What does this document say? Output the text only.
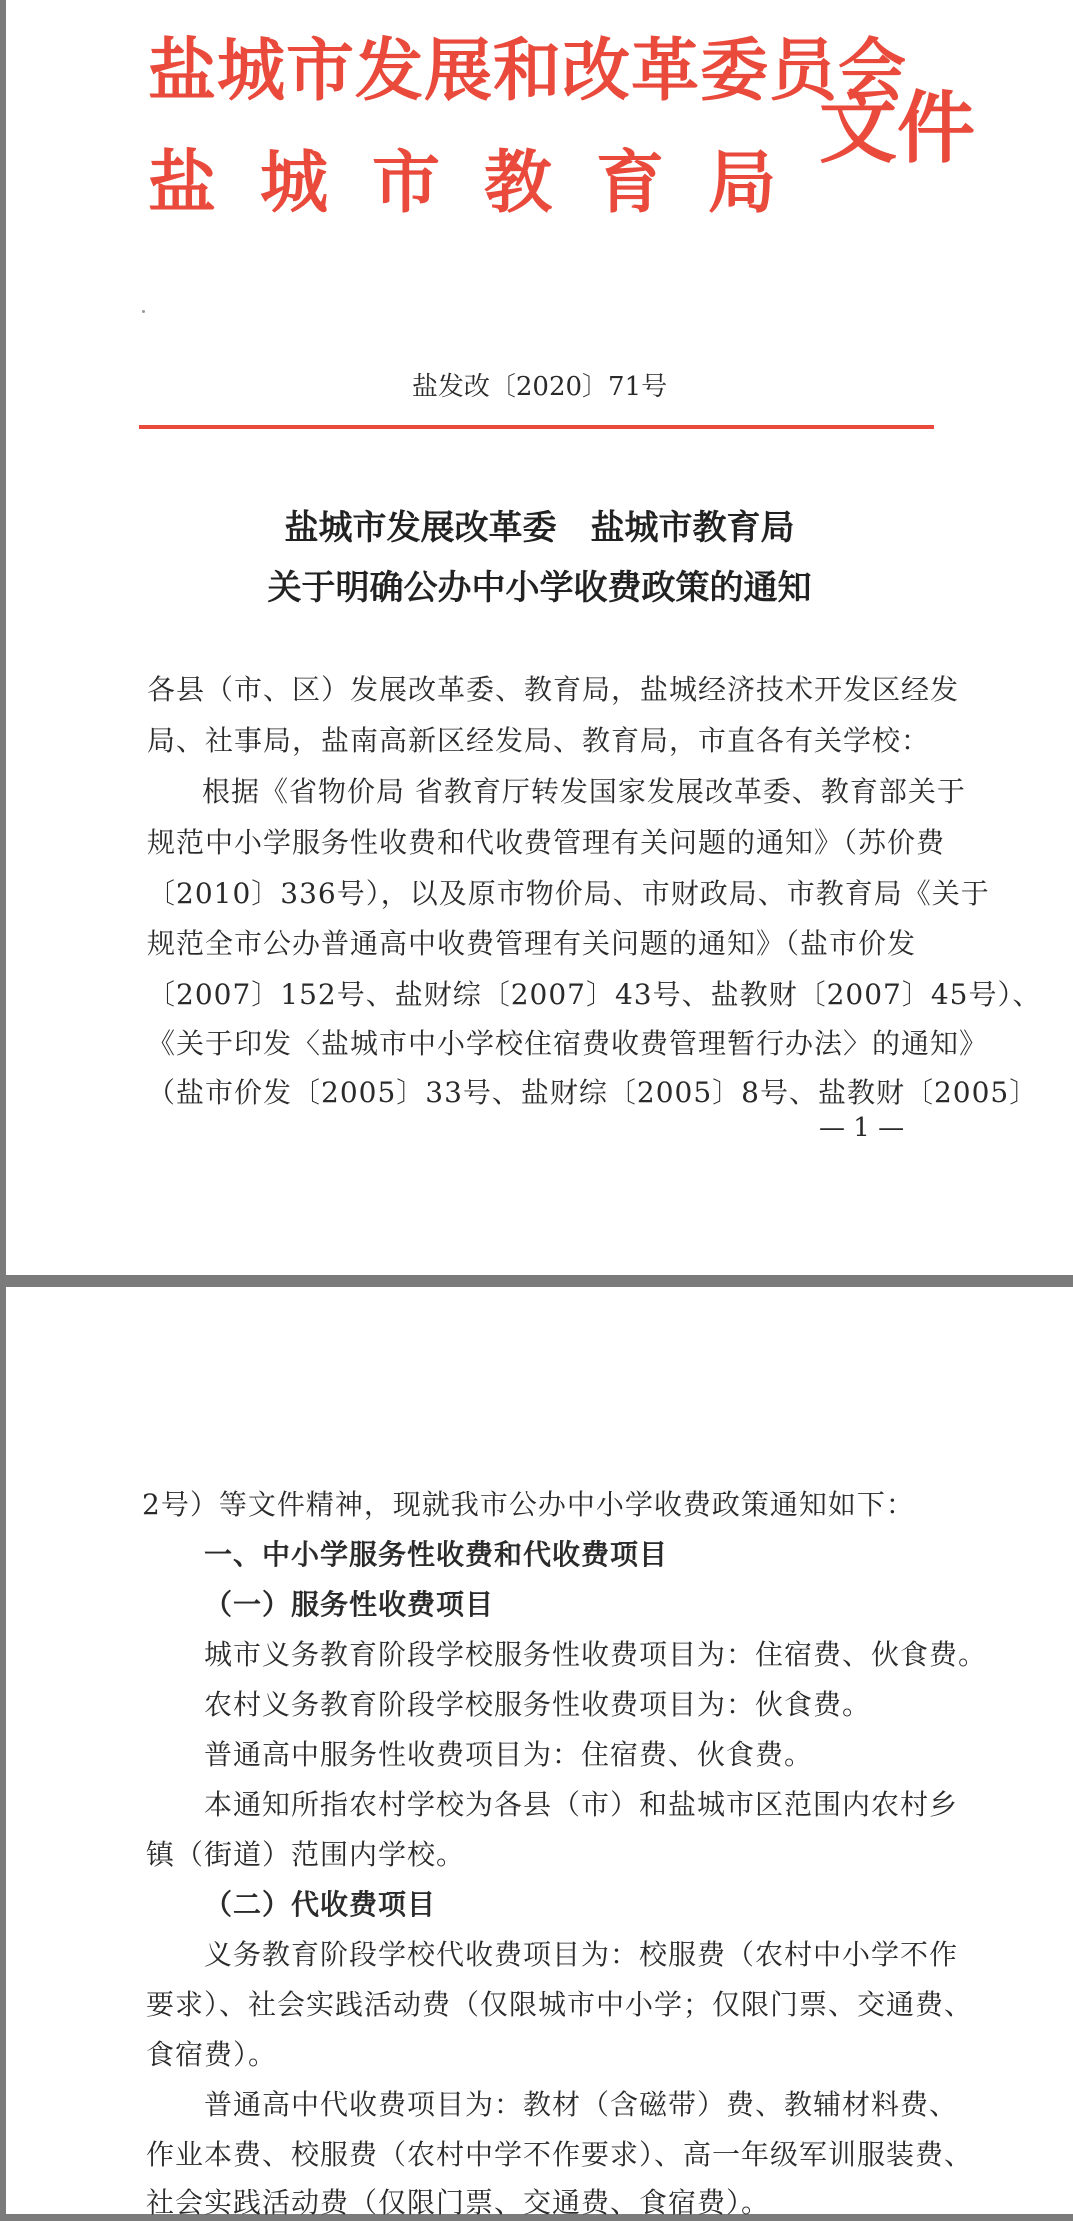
盐城市发展和改革委员会
盐城市教育局
文件
盐发改〔2020〕71号
盐城市发展改革委　盐城市教育局
关于明确公办中小学收费政策的通知
各县（市、区）发展改革委、教育局，盐城经济技术开发区经发
局、社事局，盐南高新区经发局、教育局，市直各有关学校：
根据《省物价局 省教育厅转发国家发展改革委、教育部关于
规范中小学服务性收费和代收费管理有关问题的通知》（苏价费
〔2010〕336号），以及原市物价局、市财政局、市教育局《关于
规范全市公办普通高中收费管理有关问题的通知》（盐市价发
〔2007〕152号、盐财综〔2007〕43号、盐教财〔2007〕45号）、
《关于印发〈盐城市中小学校住宿费收费管理暂行办法〉的通知》
（盐市价发〔2005〕33号、盐财综〔2005〕8号、盐教财〔2005〕
— 1 —
2号）等文件精神，现就我市公办中小学收费政策通知如下：
一、中小学服务性收费和代收费项目
（一）服务性收费项目
城市义务教育阶段学校服务性收费项目为：住宿费、伙食费。
农村义务教育阶段学校服务性收费项目为：伙食费。
普通高中服务性收费项目为：住宿费、伙食费。
本通知所指农村学校为各县（市）和盐城市区范围内农村乡
镇（街道）范围内学校。
（二）代收费项目
义务教育阶段学校代收费项目为：校服费（农村中小学不作
要求）、社会实践活动费（仅限城市中小学；仅限门票、交通费、
食宿费）。
普通高中代收费项目为：教材（含磁带）费、教辅材料费、
作业本费、校服费（农村中学不作要求）、高一年级军训服装费、
社会实践活动费（仅限门票、交通费、食宿费）。
